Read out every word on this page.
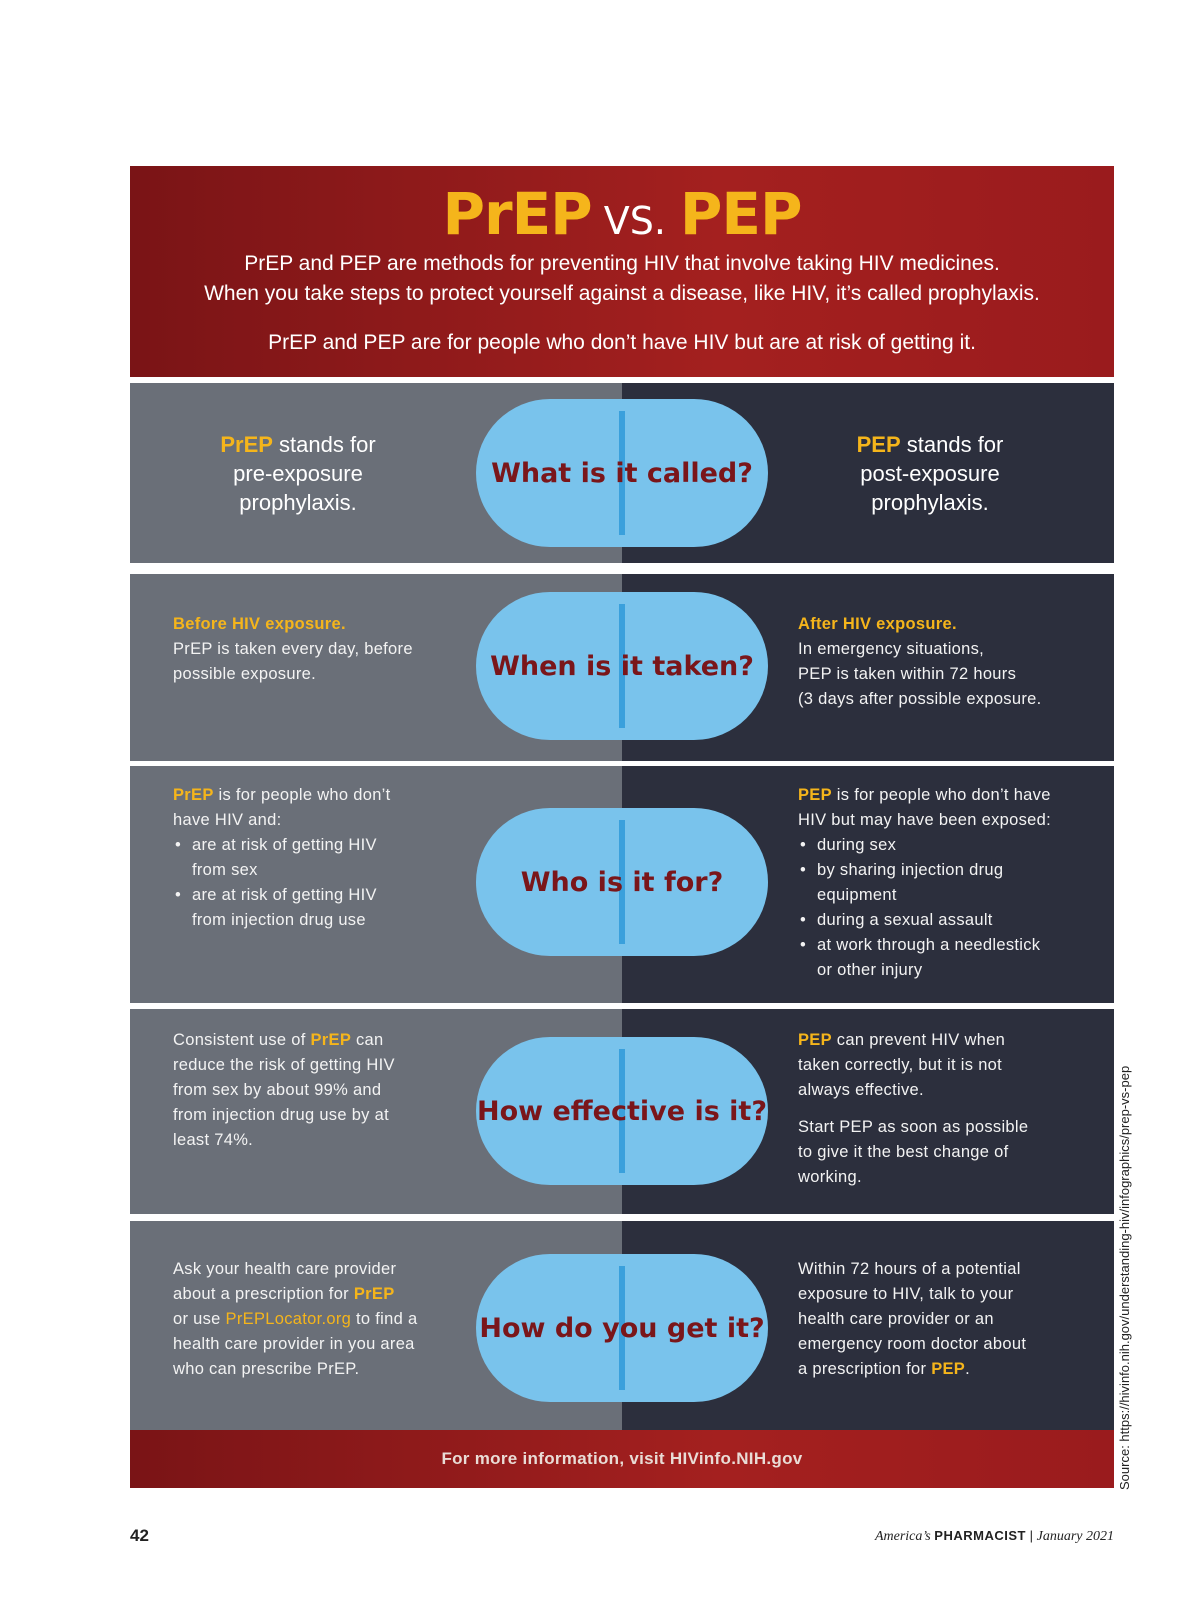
PrEP VS. PEP
PrEP and PEP are methods for preventing HIV that involve taking HIV medicines.
When you take steps to protect yourself against a disease, like HIV, it’s called prophylaxis.
PrEP and PEP are for people who don’t have HIV but are at risk of getting it.
PrEP stands for
pre-exposure
prophylaxis.
PEP stands for
post-exposure
prophylaxis.
What is it called?
Before HIV exposure.
PrEP is taken every day, before
possible exposure.
After HIV exposure.
In emergency situations,
PEP is taken within 72 hours
(3 days after possible exposure.
When is it taken?
PrEP is for people who don’t
have HIV and:
• are at risk of getting HIV
from sex
• are at risk of getting HIV
from injection drug use
PEP is for people who don’t have
HIV but may have been exposed:
• during sex
• by sharing injection drug
equipment
• during a sexual assault
• at work through a needlestick
or other injury
Who is it for?
Consistent use of PrEP can
reduce the risk of getting HIV
from sex by about 99% and
from injection drug use by at
least 74%.
PEP can prevent HIV when
taken correctly, but it is not
always effective.
Start PEP as soon as possible
to give it the best change of
working.
How effective is it?
Ask your health care provider
about a prescription for PrEP
or use PrEPLocator.org to find a
health care provider in you area
who can prescribe PrEP.
Within 72 hours of a potential
exposure to HIV, talk to your
health care provider or an
emergency room doctor about
a prescription for PEP.
How do you get it?
For more information, visit HIVinfo.NIH.gov	Source: https://hivinfo.nih.gov/understanding-hiv/infographics/prep-vs-pep
42	America’s PHARMACIST | January 2021
